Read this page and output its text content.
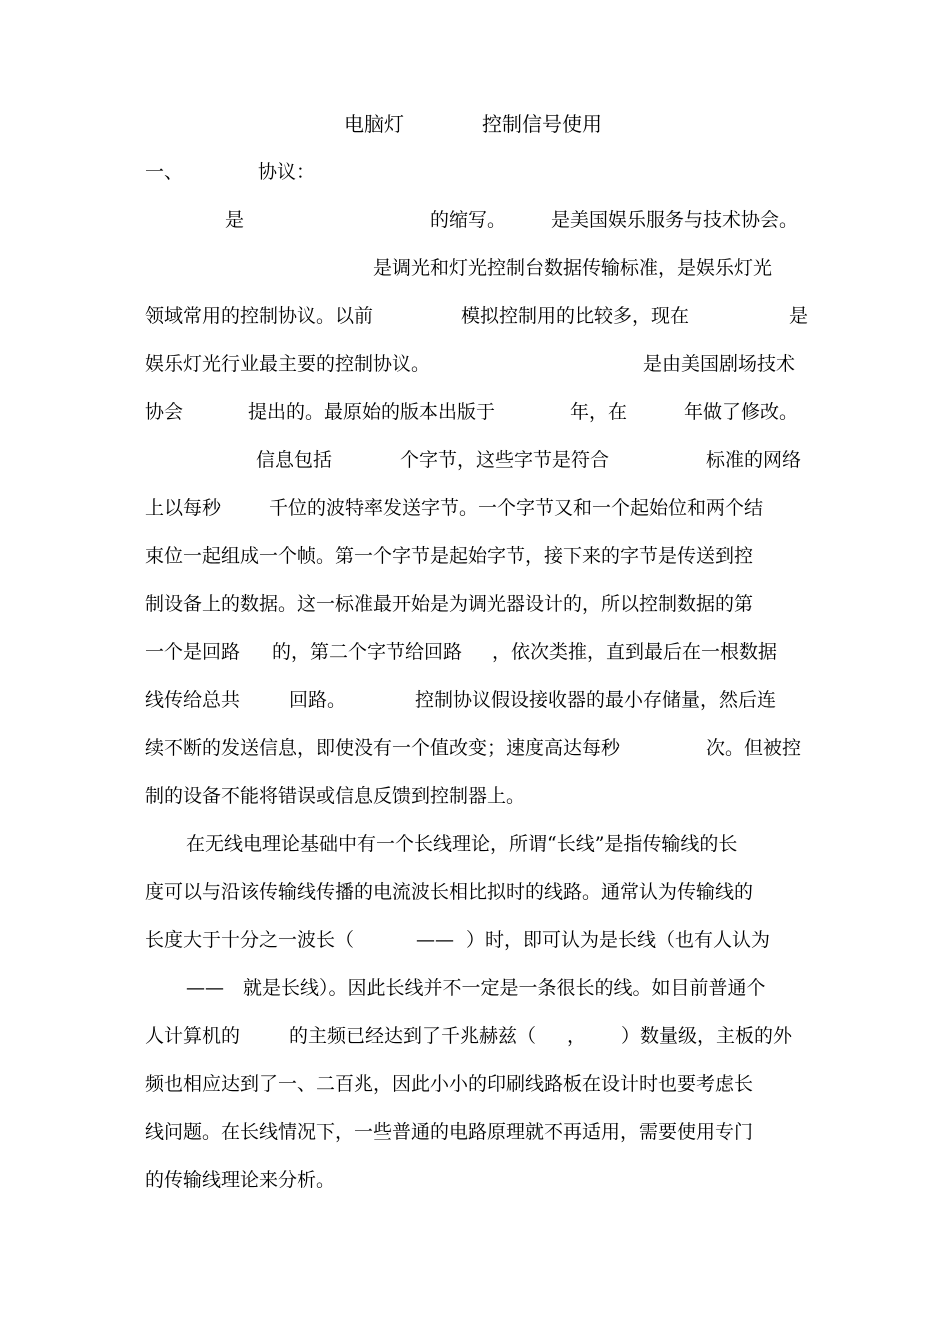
电脑灯

	控制信号使用

一、

	协议：

是

	的缩写。

是美国娱乐服务与技术协会。

是调光和灯光控制台数据传输标准，是娱乐灯光

领域常用的控制协议。以前

	模拟控制用的比较多，现在

	是

娱乐灯光行业最主要的控制协议。

	是由美国剧场技术

协会

	提出的。最原始的版本出版于

	年，在

	年做了修改。

信息包括

	个字节，这些字节是符合

	标准的网络

上以每秒

	千位的波特率发送字节。一个字节又和一个起始位和两个结

束位一起组成一个帧。第一个字节是起始字节，接下来的字节是传送到控

制设备上的数据。这一标准最开始是为调光器设计的，所以控制数据的第

一个是回路

的，第二个字节给回路

，依次类推，直到最后在一根数据

线传给总共

	回路。

	控制协议假设接收器的最小存储量，然后连

续不断的发送信息，即使没有一个值改变；速度高达每秒

	次。但被控

制的设备不能将错误或信息反馈到控制器上。

在无线电理论基础中有一个长线理论，所谓“长线”是指传输线的长

度可以与沿该传输线传播的电流波长相比拟时的线路。通常认为传输线的

长度大于十分之一波长（

	——

）时，即可认为是长线（也有人认为

——

就是长线）。因此长线并不一定是一条很长的线。如目前普通个

人计算机的

	的主频已经达到了千兆赫兹（

，

）数量级，主板的外

频也相应达到了一、二百兆，因此小小的印刷线路板在设计时也要考虑长

线问题。在长线情况下，一些普通的电路原理就不再适用，需要使用专门

的传输线理论来分析。
